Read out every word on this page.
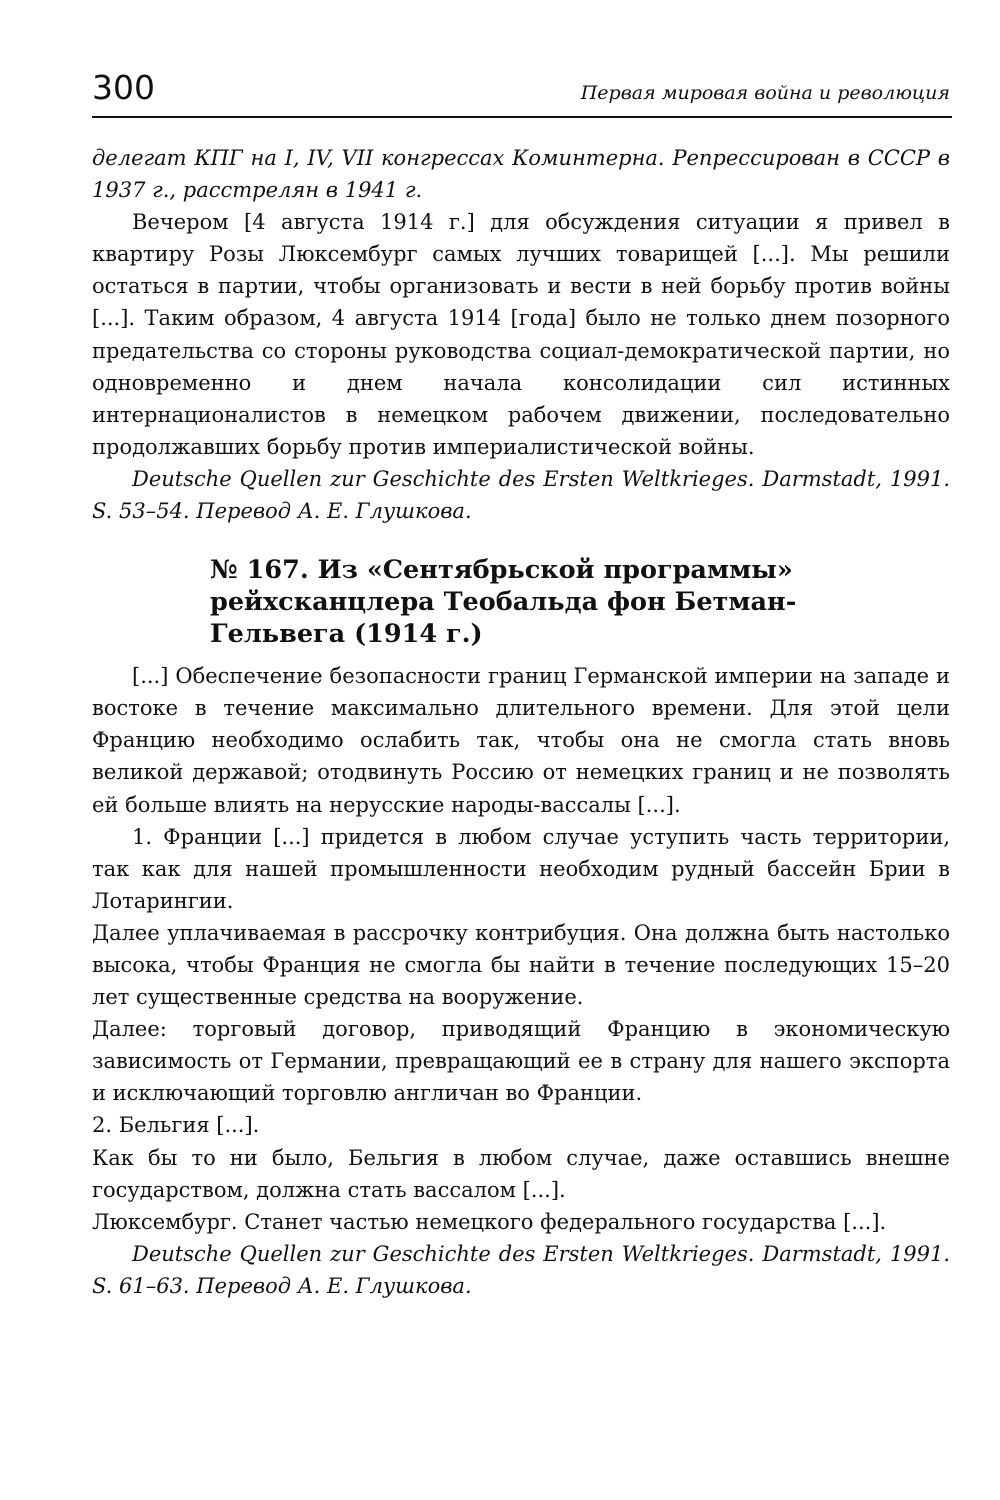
300	Первая мировая война и революция

делегат КПГ на I, IV, VII конгрессах Коминтерна. Репрессирован в СССР в 1937 г., расстрелян в 1941 г.

Вечером [4 августа 1914 г.] для обсуждения ситуации я привел в квартиру Розы Люксембург самых лучших товарищей [...]. Мы решили остаться в партии, чтобы организовать и вести в ней борьбу против войны [...]. Таким образом, 4 августа 1914 [года] было не только днем позорного предательства со стороны руководства социал-демократической партии, но одновременно и днем начала консолидации сил истинных интернационалистов в немецком рабочем движении, последовательно продолжавших борьбу против империалистической войны.

Deutsche Quellen zur Geschichte des Ersten Weltkrieges. Darmstadt, 1991. S. 53–54. Перевод А. Е. Глушкова.

№ 167. Из «Сентябрьской программы» рейхсканцлера Теобальда фон Бетман-Гельвега (1914 г.)

[...] Обеспечение безопасности границ Германской империи на западе и востоке в течение максимально длительного времени. Для этой цели Францию необходимо ослабить так, чтобы она не смогла стать вновь великой державой; отодвинуть Россию от немецких границ и не позволять ей больше влиять на нерусские народы-вассалы [...].

1. Франции [...] придется в любом случае уступить часть территории, так как для нашей промышленности необходим рудный бассейн Брии в Лотарингии.

Далее уплачиваемая в рассрочку контрибуция. Она должна быть настолько высока, чтобы Франция не смогла бы найти в течение последующих 15–20 лет существенные средства на вооружение.

Далее: торговый договор, приводящий Францию в экономическую зависимость от Германии, превращающий ее в страну для нашего экспорта и исключающий торговлю англичан во Франции.

2. Бельгия [...].

Как бы то ни было, Бельгия в любом случае, даже оставшись внешне государством, должна стать вассалом [...].

Люксембург. Станет частью немецкого федерального государства [...].

Deutsche Quellen zur Geschichte des Ersten Weltkrieges. Darmstadt, 1991. S. 61–63. Перевод А. Е. Глушкова.
